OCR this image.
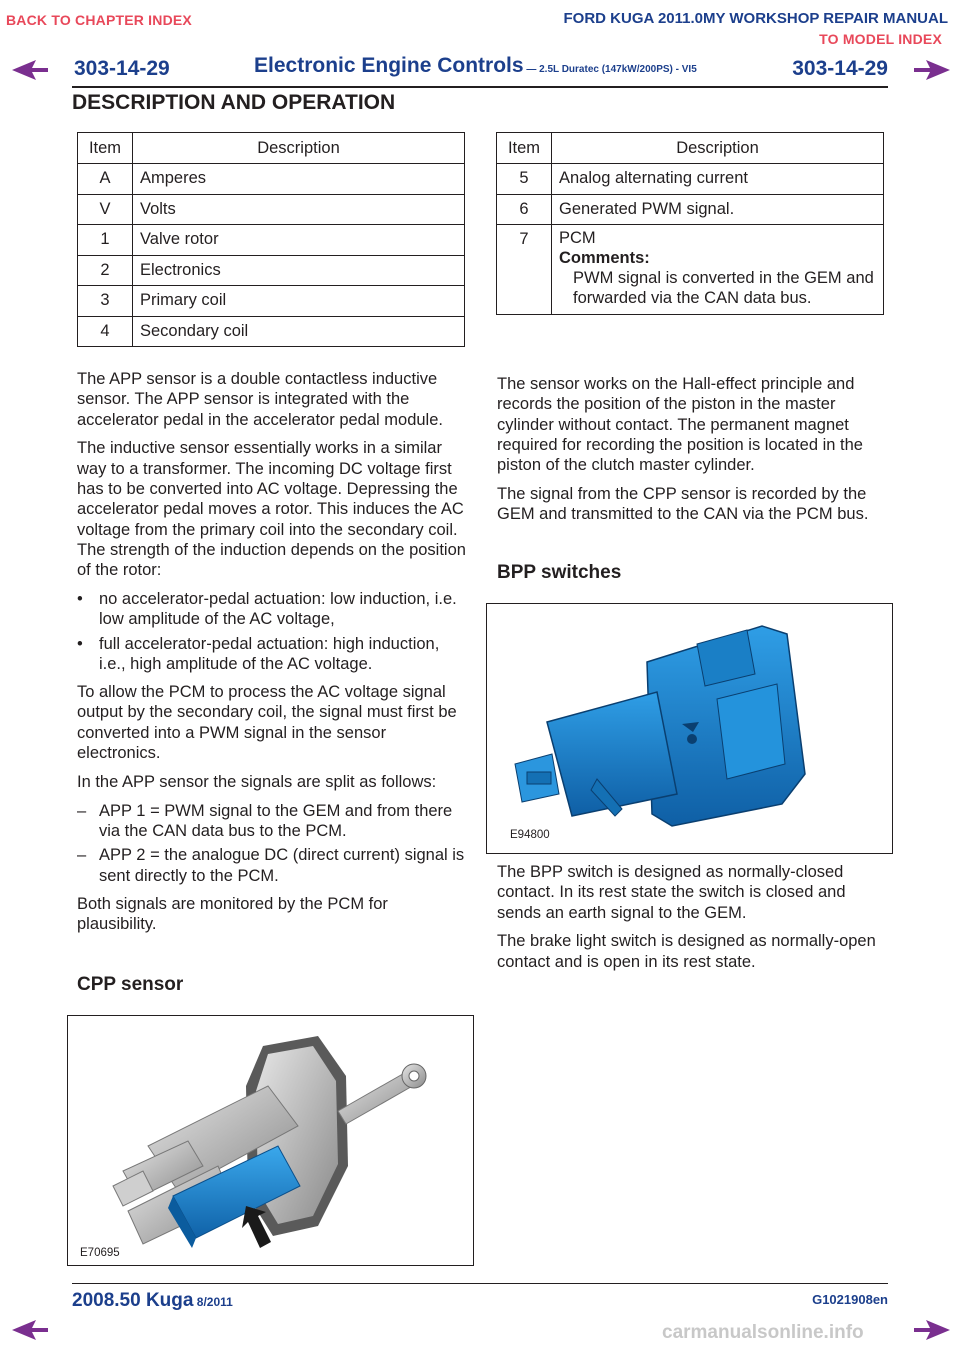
BACK TO CHAPTER INDEX	FORD KUGA 2011.0MY WORKSHOP REPAIR MANUAL
TO MODEL INDEX
303-14-29	Electronic Engine Controls — 2.5L Duratec (147kW/200PS) - VI5	303-14-29
DESCRIPTION AND OPERATION
Item	Description
A	Amperes
V	Volts
1	Valve rotor
2	Electronics
3	Primary coil
4	Secondary coil
Item	Description
5	Analog alternating current
6	Generated PWM signal.
7	PCM
Comments:
PWM signal is converted in the GEM and forwarded via the CAN data bus.

The APP sensor is a double contactless inductive sensor. The APP sensor is integrated with the accelerator pedal in the accelerator pedal module.

The inductive sensor essentially works in a similar way to a transformer. The incoming DC voltage first has to be converted into AC voltage. Depressing the accelerator pedal moves a rotor. This induces the AC voltage from the primary coil into the secondary coil. The strength of the induction depends on the position of the rotor:

• no accelerator-pedal actuation: low induction, i.e. low amplitude of the AC voltage,
• full accelerator-pedal actuation: high induction, i.e., high amplitude of the AC voltage.

To allow the PCM to process the AC voltage signal output by the secondary coil, the signal must first be converted into a PWM signal in the sensor electronics.

In the APP sensor the signals are split as follows:

– APP 1 = PWM signal to the GEM and from there via the CAN data bus to the PCM.
– APP 2 = the analogue DC (direct current) signal is sent directly to the PCM.

Both signals are monitored by the PCM for plausibility.

CPP sensor
E70695

The sensor works on the Hall-effect principle and records the position of the piston in the master cylinder without contact. The permanent magnet required for recording the position is located in the piston of the clutch master cylinder.

The signal from the CPP sensor is recorded by the GEM and transmitted to the CAN via the PCM bus.

BPP switches
E94800

The BPP switch is designed as normally-closed contact. In its rest state the switch is closed and sends an earth signal to the GEM.

The brake light switch is designed as normally-open contact and is open in its rest state.

2008.50 Kuga 8/2011	G1021908en
carmanualsonline.info
